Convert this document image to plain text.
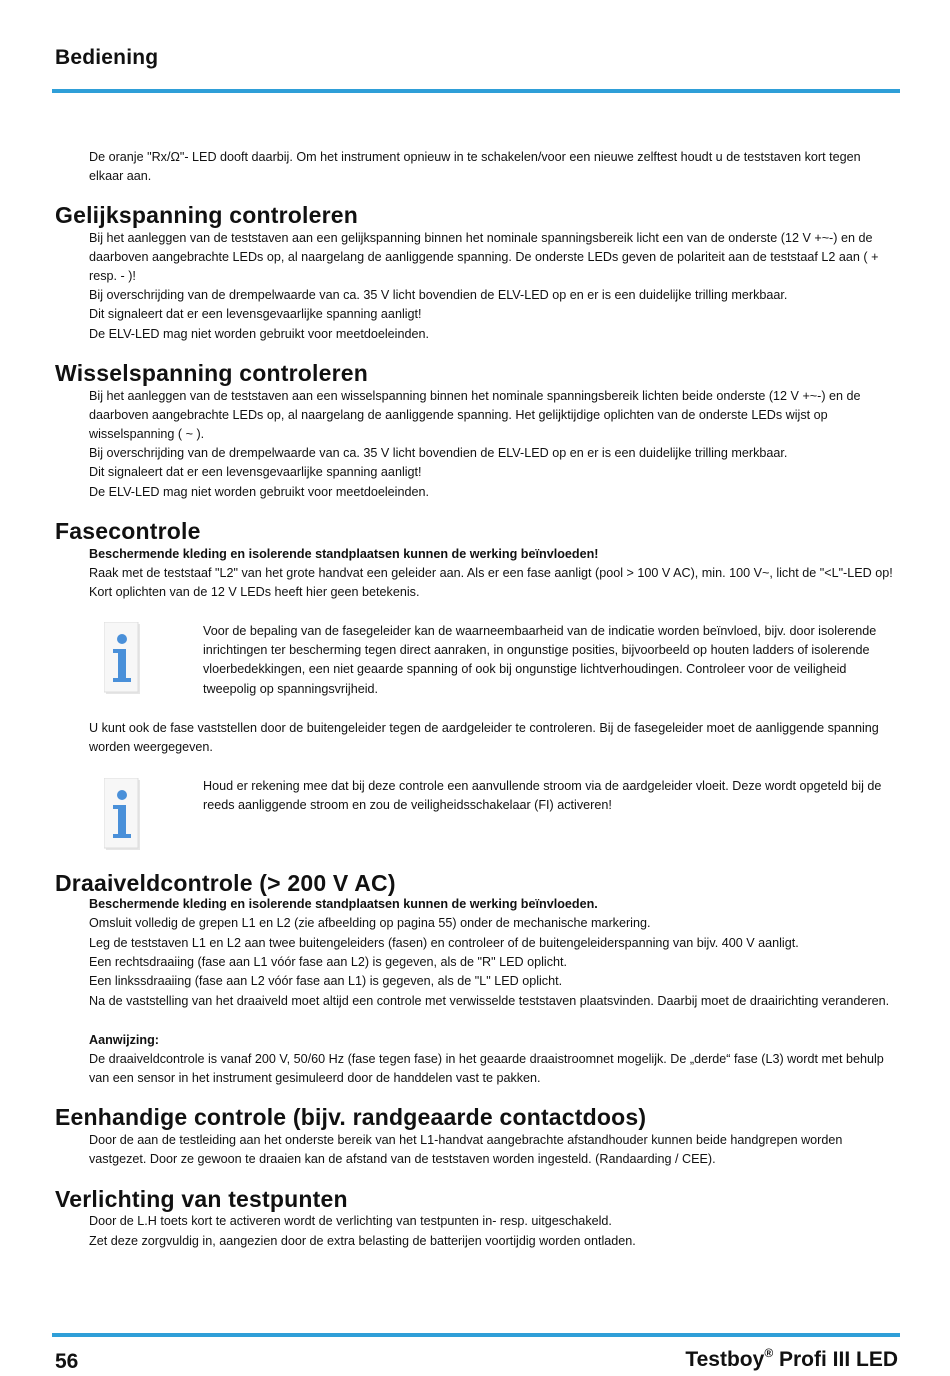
Bediening

De oranje "Rx/Ω"- LED dooft daarbij. Om het instrument opnieuw in te schakelen/voor een nieuwe zelftest houdt u de teststaven kort tegen elkaar aan.

Gelijkspanning controleren

Bij het aanleggen van de teststaven aan een gelijkspanning binnen het nominale spanningsbereik licht een van de onderste (12 V +~-) en de daarboven aangebrachte LEDs op, al naargelang de aanliggende spanning. De onderste LEDs geven de polariteit aan de teststaaf L2 aan ( + resp. - )!

Bij overschrijding van de drempelwaarde van ca. 35 V licht bovendien de ELV-LED op en er is een duidelijke trilling merkbaar.

Dit signaleert dat er een levensgevaarlijke spanning aanligt!

De ELV-LED mag niet worden gebruikt voor meetdoeleinden.

Wisselspanning controleren

Bij het aanleggen van de teststaven aan een wisselspanning binnen het nominale spanningsbereik lichten beide onderste (12 V +~-) en de daarboven aangebrachte LEDs op, al naargelang de aanliggende spanning. Het gelijktijdige oplichten van de onderste LEDs wijst op wisselspanning ( ~ ).

Bij overschrijding van de drempelwaarde van ca. 35 V licht bovendien de ELV-LED op en er is een duidelijke trilling merkbaar.

Dit signaleert dat er een levensgevaarlijke spanning aanligt!

De ELV-LED mag niet worden gebruikt voor meetdoeleinden.

Fasecontrole

Beschermende kleding en isolerende standplaatsen kunnen de werking beïnvloeden!

Raak met de teststaaf "L2" van het grote handvat een geleider aan. Als er een fase aanligt (pool > 100 V AC), min. 100 V~, licht de "<L"-LED op! Kort oplichten van de 12 V LEDs heeft hier geen betekenis.

Voor de bepaling van de fasegeleider kan de waarneembaarheid van de indicatie worden beïnvloed, bijv. door isolerende inrichtingen ter bescherming tegen direct aanraken, in ongunstige posities, bijvoorbeeld op houten ladders of isolerende vloerbedekkingen, een niet geaarde spanning of ook bij ongunstige lichtverhoudingen. Controleer voor de veiligheid tweepolig op spanningsvrijheid.

U kunt ook de fase vaststellen door de buitengeleider tegen de aardgeleider te controleren. Bij de fasegeleider moet de aanliggende spanning worden weergegeven.

Houd er rekening mee dat bij deze controle een aanvullende stroom via de aardgeleider vloeit. Deze wordt opgeteld bij de reeds aanliggende stroom en zou de veiligheidsschakelaar (FI) activeren!

Draaiveldcontrole (> 200 V AC)

Beschermende kleding en isolerende standplaatsen kunnen de werking beïnvloeden.

Omsluit volledig de grepen L1 en L2 (zie afbeelding op pagina 55) onder de mechanische markering.

Leg de teststaven L1 en L2 aan twee buitengeleiders (fasen) en controleer of de buitengeleiderspanning van bijv. 400 V aanligt.

Een rechtsdraaiing (fase aan L1 vóór fase aan L2) is gegeven, als de "R" LED oplicht.

Een linkssdraaiing (fase aan L2 vóór fase aan L1) is gegeven, als de "L" LED oplicht.

Na de vaststelling van het draaiveld moet altijd een controle met verwisselde teststaven plaatsvinden. Daarbij moet de draairichting veranderen.

Aanwijzing:

De draaiveldcontrole is vanaf 200 V, 50/60 Hz (fase tegen fase) in het geaarde draaistroomnet mogelijk. De „derde“ fase (L3) wordt met behulp van een sensor in het instrument gesimuleerd door de handdelen vast te pakken.

Eenhandige controle (bijv. randgeaarde contactdoos)

Door de aan de testleiding aan het onderste bereik van het L1-handvat aangebrachte afstandhouder kunnen beide handgrepen worden vastgezet. Door ze gewoon te draaien kan de afstand van de teststaven worden ingesteld. (Randaarding / CEE).

Verlichting van testpunten

Door de L.H toets kort te activeren wordt de verlichting van testpunten in- resp. uitgeschakeld.

Zet deze zorgvuldig in, aangezien door de extra belasting de batterijen voortijdig worden ontladen.

56	Testboy® Profi III LED
